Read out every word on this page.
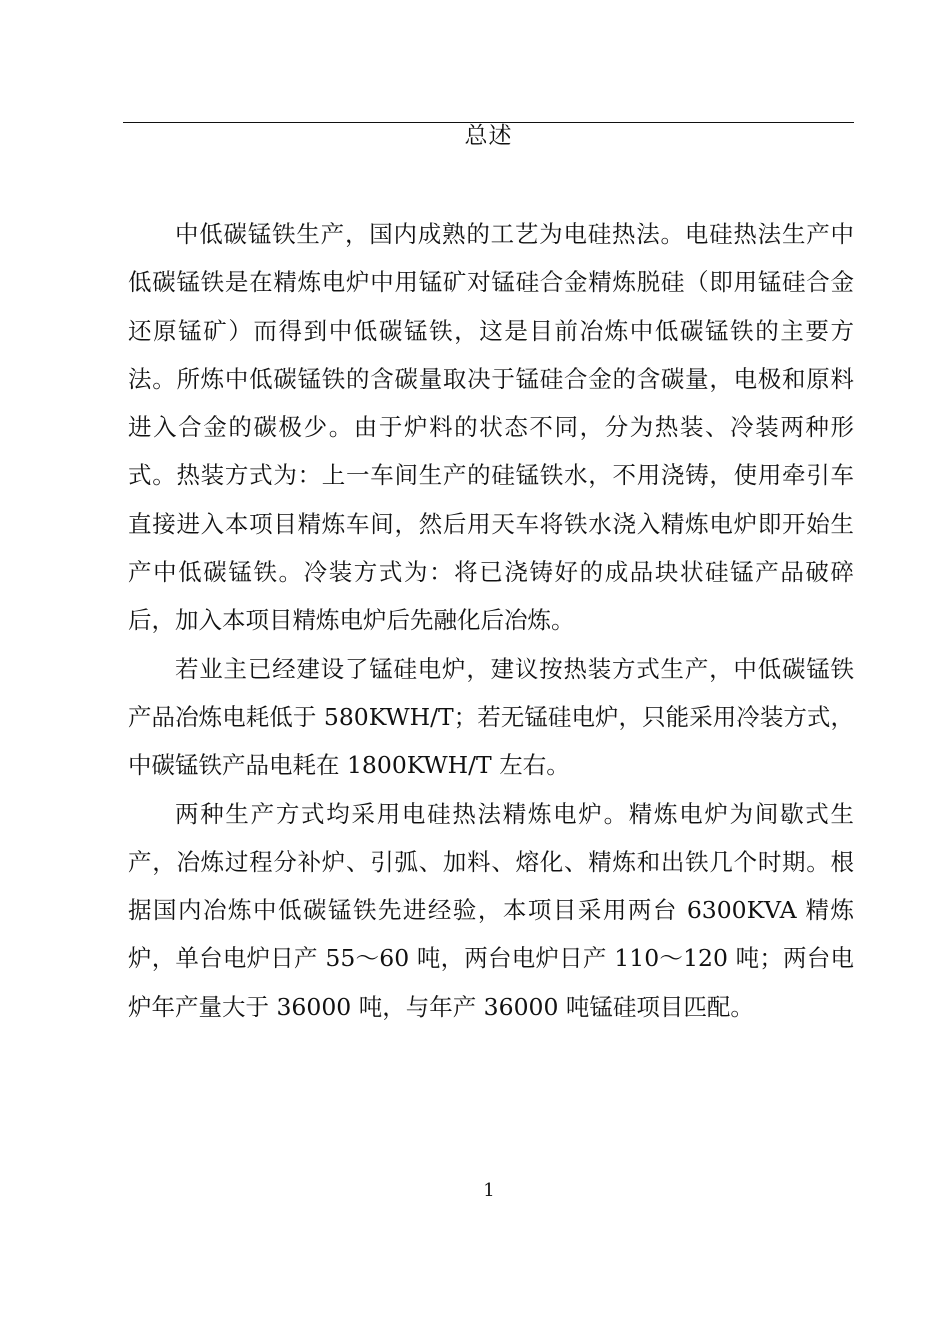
总述

中低碳锰铁生产，国内成熟的工艺为电硅热法。电硅热法生产中低碳锰铁是在精炼电炉中用锰矿对锰硅合金精炼脱硅（即用锰硅合金还原锰矿）而得到中低碳锰铁，这是目前冶炼中低碳锰铁的主要方法。所炼中低碳锰铁的含碳量取决于锰硅合金的含碳量，电极和原料进入合金的碳极少。由于炉料的状态不同，分为热装、冷装两种形式。热装方式为：上一车间生产的硅锰铁水，不用浇铸，使用牵引车直接进入本项目精炼车间，然后用天车将铁水浇入精炼电炉即开始生产中低碳锰铁。冷装方式为：将已浇铸好的成品块状硅锰产品破碎后，加入本项目精炼电炉后先融化后冶炼。

若业主已经建设了锰硅电炉，建议按热装方式生产，中低碳锰铁产品冶炼电耗低于 580KWH/T；若无锰硅电炉，只能采用冷装方式，中碳锰铁产品电耗在 1800KWH/T 左右。

两种生产方式均采用电硅热法精炼电炉。精炼电炉为间歇式生产，冶炼过程分补炉、引弧、加料、熔化、精炼和出铁几个时期。根据国内冶炼中低碳锰铁先进经验，本项目采用两台 6300KVA 精炼炉，单台电炉日产 55～60 吨，两台电炉日产 110～120 吨；两台电炉年产量大于 36000 吨，与年产 36000 吨锰硅项目匹配。

1
